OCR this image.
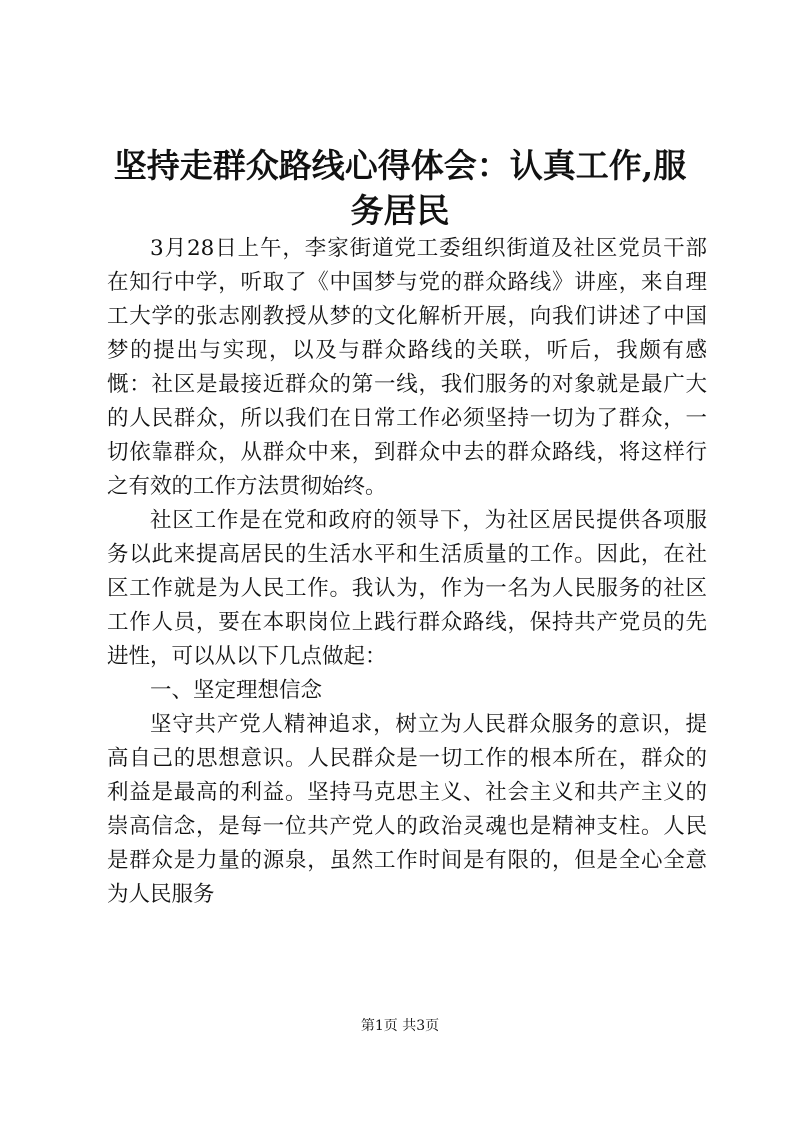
坚持走群众路线心得体会：认真工作,服务居民

3月28日上午，李家街道党工委组织街道及社区党员干部在知行中学，听取了《中国梦与党的群众路线》讲座，来自理工大学的张志刚教授从梦的文化解析开展，向我们讲述了中国梦的提出与实现，以及与群众路线的关联，听后，我颇有感慨：社区是最接近群众的第一线，我们服务的对象就是最广大的人民群众，所以我们在日常工作必须坚持一切为了群众，一切依靠群众，从群众中来，到群众中去的群众路线，将这样行之有效的工作方法贯彻始终。

社区工作是在党和政府的领导下，为社区居民提供各项服务以此来提高居民的生活水平和生活质量的工作。因此，在社区工作就是为人民工作。我认为，作为一名为人民服务的社区工作人员，要在本职岗位上践行群众路线，保持共产党员的先进性，可以从以下几点做起：

一、坚定理想信念

坚守共产党人精神追求，树立为人民群众服务的意识，提高自己的思想意识。人民群众是一切工作的根本所在，群众的利益是最高的利益。坚持马克思主义、社会主义和共产主义的崇高信念，是每一位共产党人的政治灵魂也是精神支柱。人民是群众是力量的源泉，虽然工作时间是有限的，但是全心全意为人民服务

第1页 共3页
